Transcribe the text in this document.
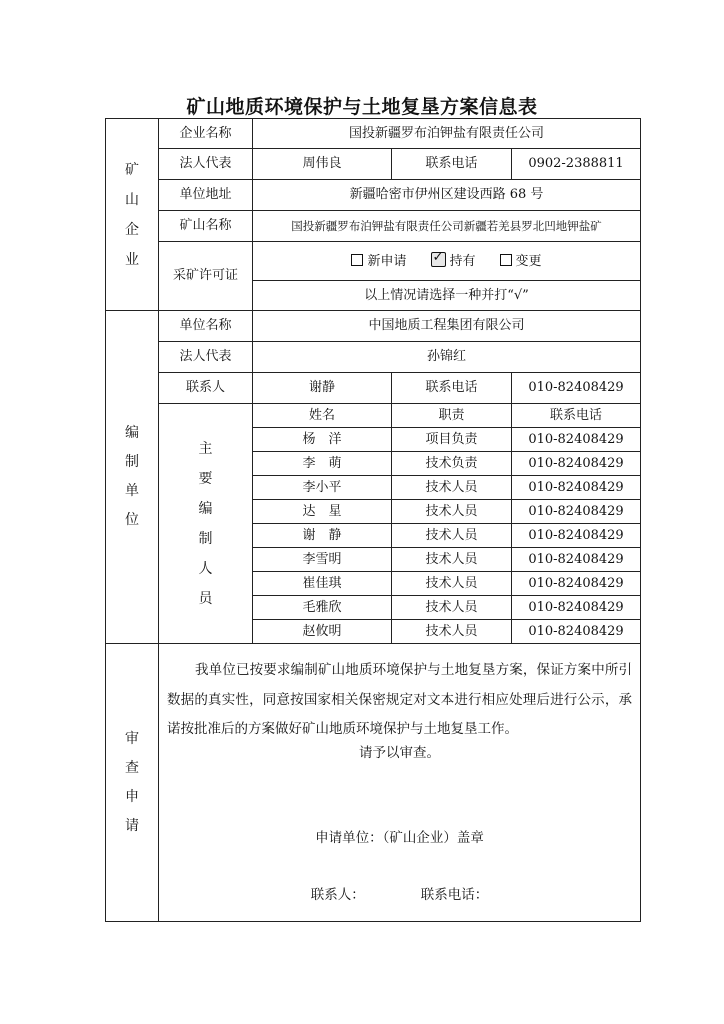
矿山地质环境保护与土地复垦方案信息表
矿山企业	企业名称	国投新疆罗布泊钾盐有限责任公司		
	法人代表	周伟良	联系电话	0902-2388811
	单位地址	新疆哈密市伊州区建设西路 68 号		
	矿山名称	国投新疆罗布泊钾盐有限责任公司新疆若羌县罗北凹地钾盐矿		
	采矿许可证	新申请 ✓ 持有 变更
		以上情况请选择一种并打“√”		
编制单位	单位名称	中国地质工程集团有限公司		
	法人代表	孙锦红		
	联系人	谢静	联系电话	010-82408429
	主要编制人员	姓名	职责	联系电话
		杨　洋	项目负责	010-82408429
		李　萌	技术负责	010-82408429
		李小平	技术人员	010-82408429
		达　星	技术人员	010-82408429
		谢　静	技术人员	010-82408429
		李雪明	技术人员	010-82408429
		崔佳琪	技术人员	010-82408429
		毛雅欣	技术人员	010-82408429
		赵攸明	技术人员	010-82408429
审查申请	我单位已按要求编制矿山地质环境保护与土地复垦方案，保证方案中所引数据的真实性，同意按国家相关保密规定对文本进行相应处理后进行公示，承诺按批准后的方案做好矿山地质环境保护与土地复垦工作。
请予以审查。
申请单位：（矿山企业）盖章
联系人： 联系电话：			
